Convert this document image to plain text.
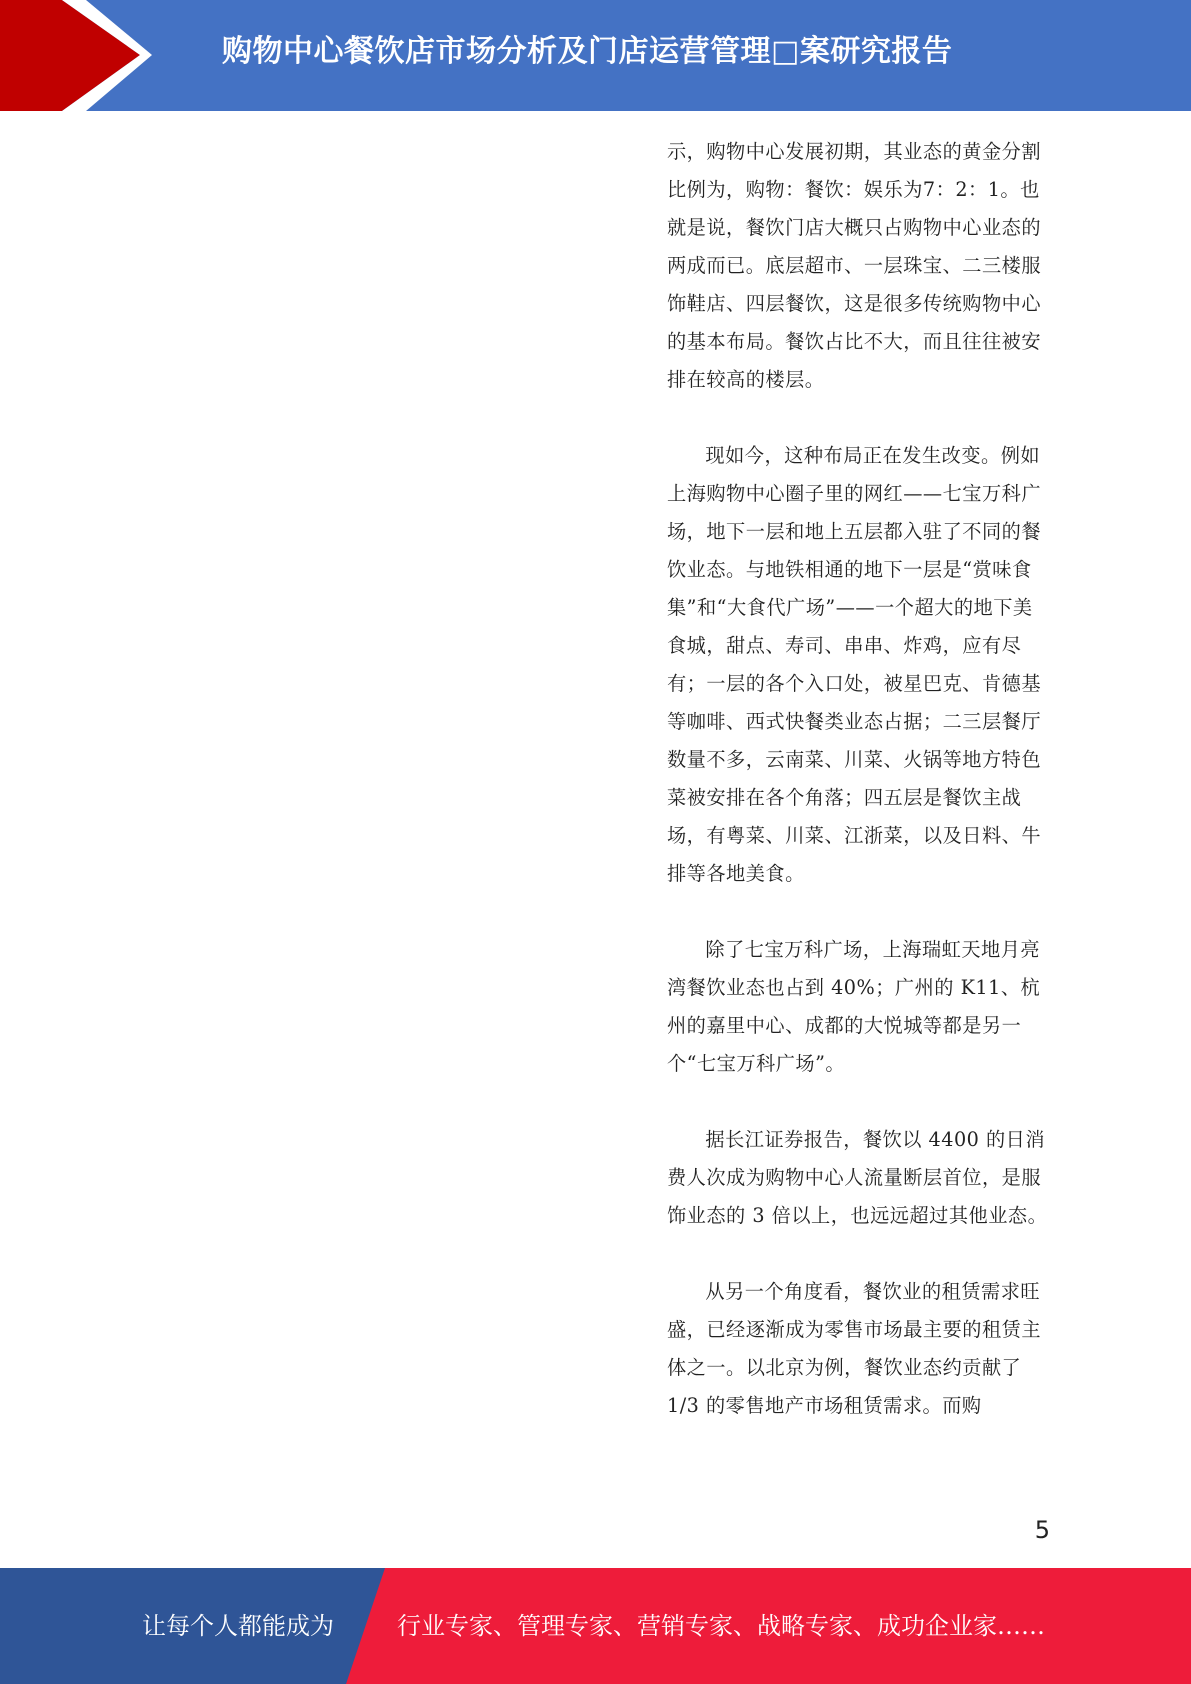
购物中心餐饮店市场分析及门店运营管理□案研究报告

示，购物中心发展初期，其业态的黄金分割比例为，购物：餐饮：娱乐为7：2：1。也就是说，餐饮门店大概只占购物中心业态的两成而已。底层超市、一层珠宝、二三楼服饰鞋店、四层餐饮，这是很多传统购物中心的基本布局。餐饮占比不大，而且往往被安排在较高的楼层。

现如今，这种布局正在发生改变。例如上海购物中心圈子里的网红——七宝万科广场，地下一层和地上五层都入驻了不同的餐饮业态。与地铁相通的地下一层是“赏味食集”和“大食代广场”——一个超大的地下美食城，甜点、寿司、串串、炸鸡，应有尽有；一层的各个入口处，被星巴克、肯德基等咖啡、西式快餐类业态占据；二三层餐厅数量不多，云南菜、川菜、火锅等地方特色菜被安排在各个角落；四五层是餐饮主战场，有粤菜、川菜、江浙菜，以及日料、牛排等各地美食。

除了七宝万科广场，上海瑞虹天地月亮湾餐饮业态也占到 40%；广州的 K11、杭州的嘉里中心、成都的大悦城等都是另一个“七宝万科广场”。

据长江证券报告，餐饮以 4400 的日消费人次成为购物中心人流量断层首位，是服饰业态的 3 倍以上，也远远超过其他业态。

从另一个角度看，餐饮业的租赁需求旺盛，已经逐渐成为零售市场最主要的租赁主体之一。以北京为例，餐饮业态约贡献了 1/3 的零售地产市场租赁需求。而购

5
让每个人都能成为	行业专家、管理专家、营销专家、战略专家、成功企业家……
